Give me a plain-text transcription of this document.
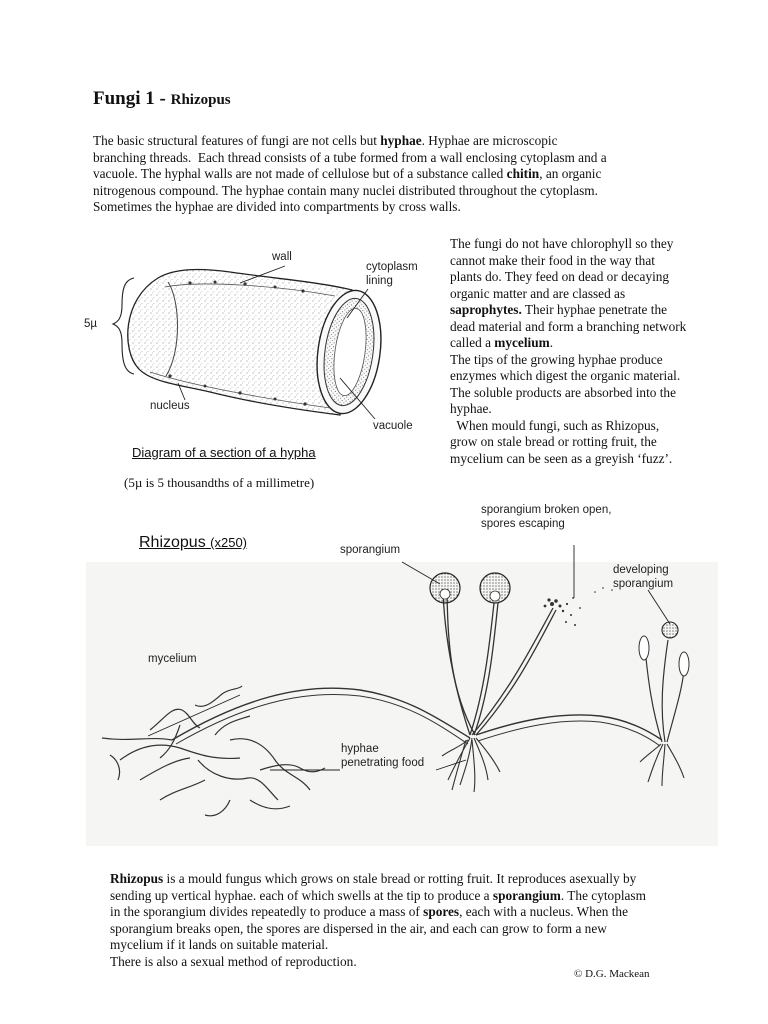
Fungi 1 - Rhizopus
The basic structural features of fungi are not cells but hyphae. Hyphae are microscopic
branching threads.  Each thread consists of a tube formed from a wall enclosing cytoplasm and a
vacuole. The hyphal walls are not made of cellulose but of a substance called chitin, an organic
nitrogenous compound. The hyphae contain many nuclei distributed throughout the cytoplasm.
Sometimes the hyphae are divided into compartments by cross walls.
The fungi do not have chlorophyll so they
cannot make their food in the way that
plants do. They feed on dead or decaying
organic matter and are classed as
saprophytes. Their hyphae penetrate the
dead material and form a branching network
called a mycelium.
The tips of the growing hyphae produce
enzymes which digest the organic material.
The soluble products are absorbed into the
hyphae.
When mould fungi, such as Rhizopus,
grow on stale bread or rotting fruit, the
mycelium can be seen as a greyish ‘fuzz’.
Rhizopus is a mould fungus which grows on stale bread or rotting fruit. It reproduces asexually by
sending up vertical hyphae. each of which swells at the tip to produce a sporangium. The cytoplasm
in the sporangium divides repeatedly to produce a mass of spores, each with a nucleus. When the
sporangium breaks open, the spores are dispersed in the air, and each can grow to form a new
mycelium if it lands on suitable material.
There is also a sexual method of reproduction.
wall
cytoplasm
lining
5µ
nucleus
vacuole
Diagram of a section of a hypha
(5µ is 5 thousandths of a millimetre)
Rhizopus (x250)
sporangium broken open,
spores escaping
sporangium
developing
sporangium
mycelium
hyphae
penetrating food
© D.G. Mackean
